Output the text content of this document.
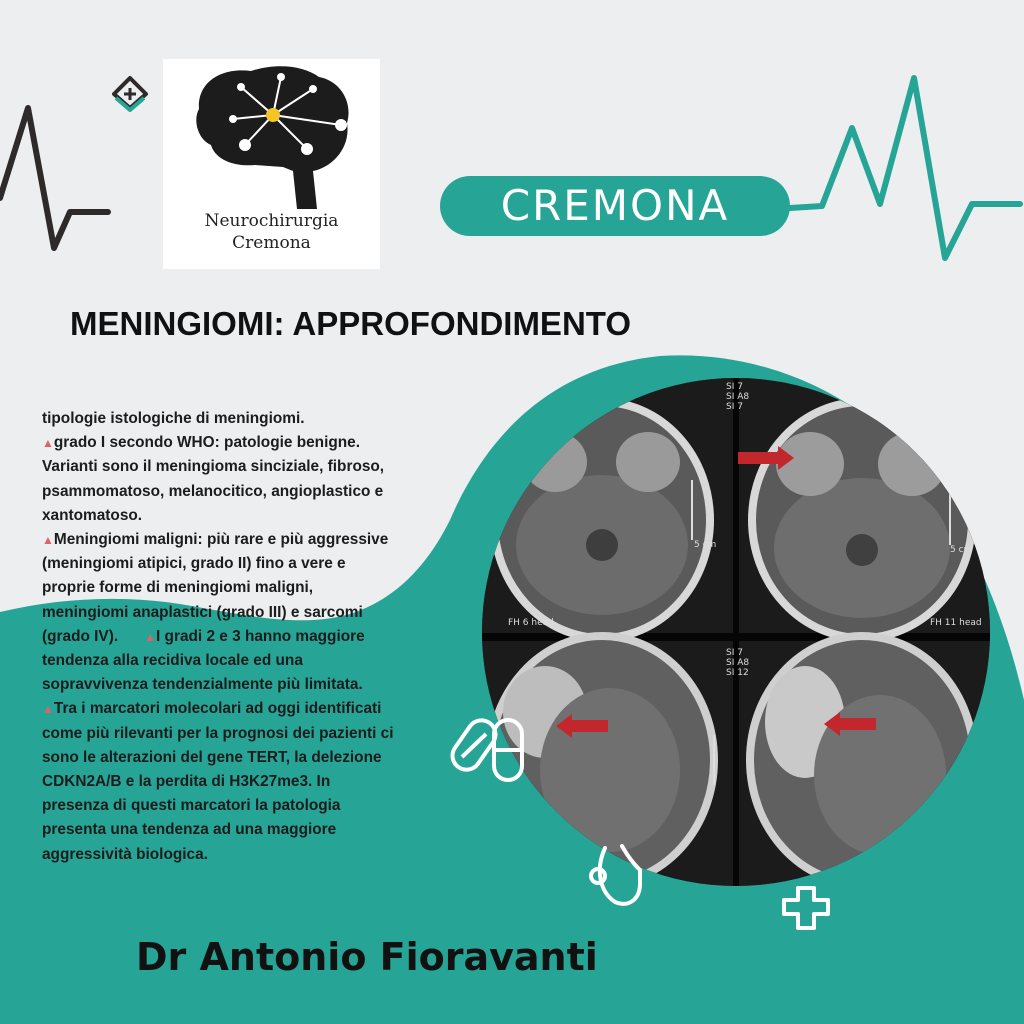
SI 7
SI A8
SI 7
5 cm	5 cm
FH 6 head	FH 11 head
SI 7
SI A8
SI 12
Neurochirurgia
Cremona
CREMONA
MENINGIOMI: APPROFONDIMENTO
tipologie istologiche di meningiomi.
▲grado I secondo WHO: patologie benigne.
Varianti sono il meningioma sinciziale, fibroso,
psammomatoso, melanocitico, angioplastico e
xantomatoso.
▲Meningiomi maligni: più rare e più aggressive
(meningiomi atipici, grado II) fino a vere e
proprie forme di meningiomi maligni,
meningiomi anaplastici (grado III) e sarcomi
(grado IV). ▲I gradi 2 e 3 hanno maggiore
tendenza alla recidiva locale ed una
sopravvivenza tendenzialmente più limitata.
▲Tra i marcatori molecolari ad oggi identificati
come più rilevanti per la prognosi dei pazienti ci
sono le alterazioni del gene TERT, la delezione
CDKN2A/B e la perdita di H3K27me3. In
presenza di questi marcatori la patologia
presenta una tendenza ad una maggiore
aggressività biologica.
Dr Antonio Fioravanti
